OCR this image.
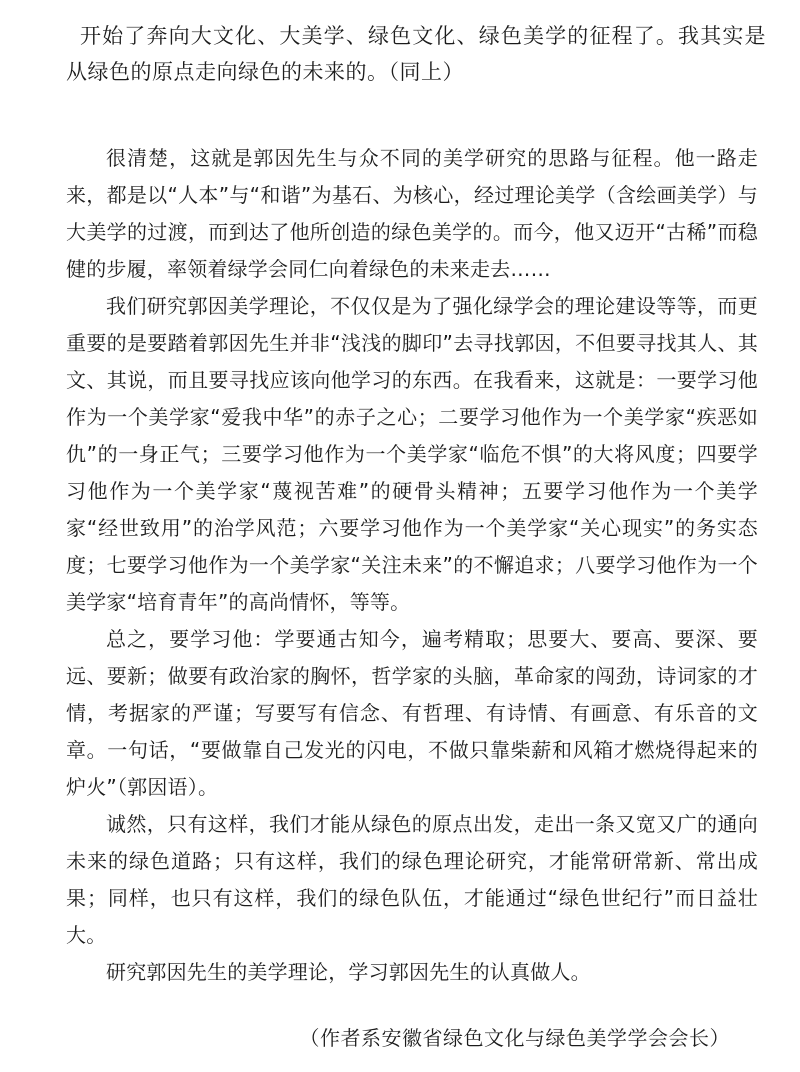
开始了奔向大文化、大美学、绿色文化、绿色美学的征程了。我其实是从绿色的原点走向绿色的未来的。（同上）

很清楚，这就是郭因先生与众不同的美学研究的思路与征程。他一路走来，都是以“人本”与“和谐”为基石、为核心，经过理论美学（含绘画美学）与大美学的过渡，而到达了他所创造的绿色美学的。而今，他又迈开“古稀”而稳健的步履，率领着绿学会同仁向着绿色的未来走去……

我们研究郭因美学理论，不仅仅是为了强化绿学会的理论建设等等，而更重要的是要踏着郭因先生并非“浅浅的脚印”去寻找郭因，不但要寻找其人、其文、其说，而且要寻找应该向他学习的东西。在我看来，这就是：一要学习他作为一个美学家“爱我中华”的赤子之心；二要学习他作为一个美学家“疾恶如仇”的一身正气；三要学习他作为一个美学家“临危不惧”的大将风度；四要学习他作为一个美学家“蔑视苦难”的硬骨头精神；五要学习他作为一个美学家“经世致用”的治学风范；六要学习他作为一个美学家“关心现实”的务实态度；七要学习他作为一个美学家“关注未来”的不懈追求；八要学习他作为一个美学家“培育青年”的高尚情怀，等等。

总之，要学习他：学要通古知今，遍考精取；思要大、要高、要深、要远、要新；做要有政治家的胸怀，哲学家的头脑，革命家的闯劲，诗词家的才情，考据家的严谨；写要写有信念、有哲理、有诗情、有画意、有乐音的文章。一句话，“要做靠自己发光的闪电，不做只靠柴薪和风箱才燃烧得起来的炉火”（郭因语）。

诚然，只有这样，我们才能从绿色的原点出发，走出一条又宽又广的通向未来的绿色道路；只有这样，我们的绿色理论研究，才能常研常新、常出成果；同样，也只有这样，我们的绿色队伍，才能通过“绿色世纪行”而日益壮大。

研究郭因先生的美学理论，学习郭因先生的认真做人。

（作者系安徽省绿色文化与绿色美学学会会长）
